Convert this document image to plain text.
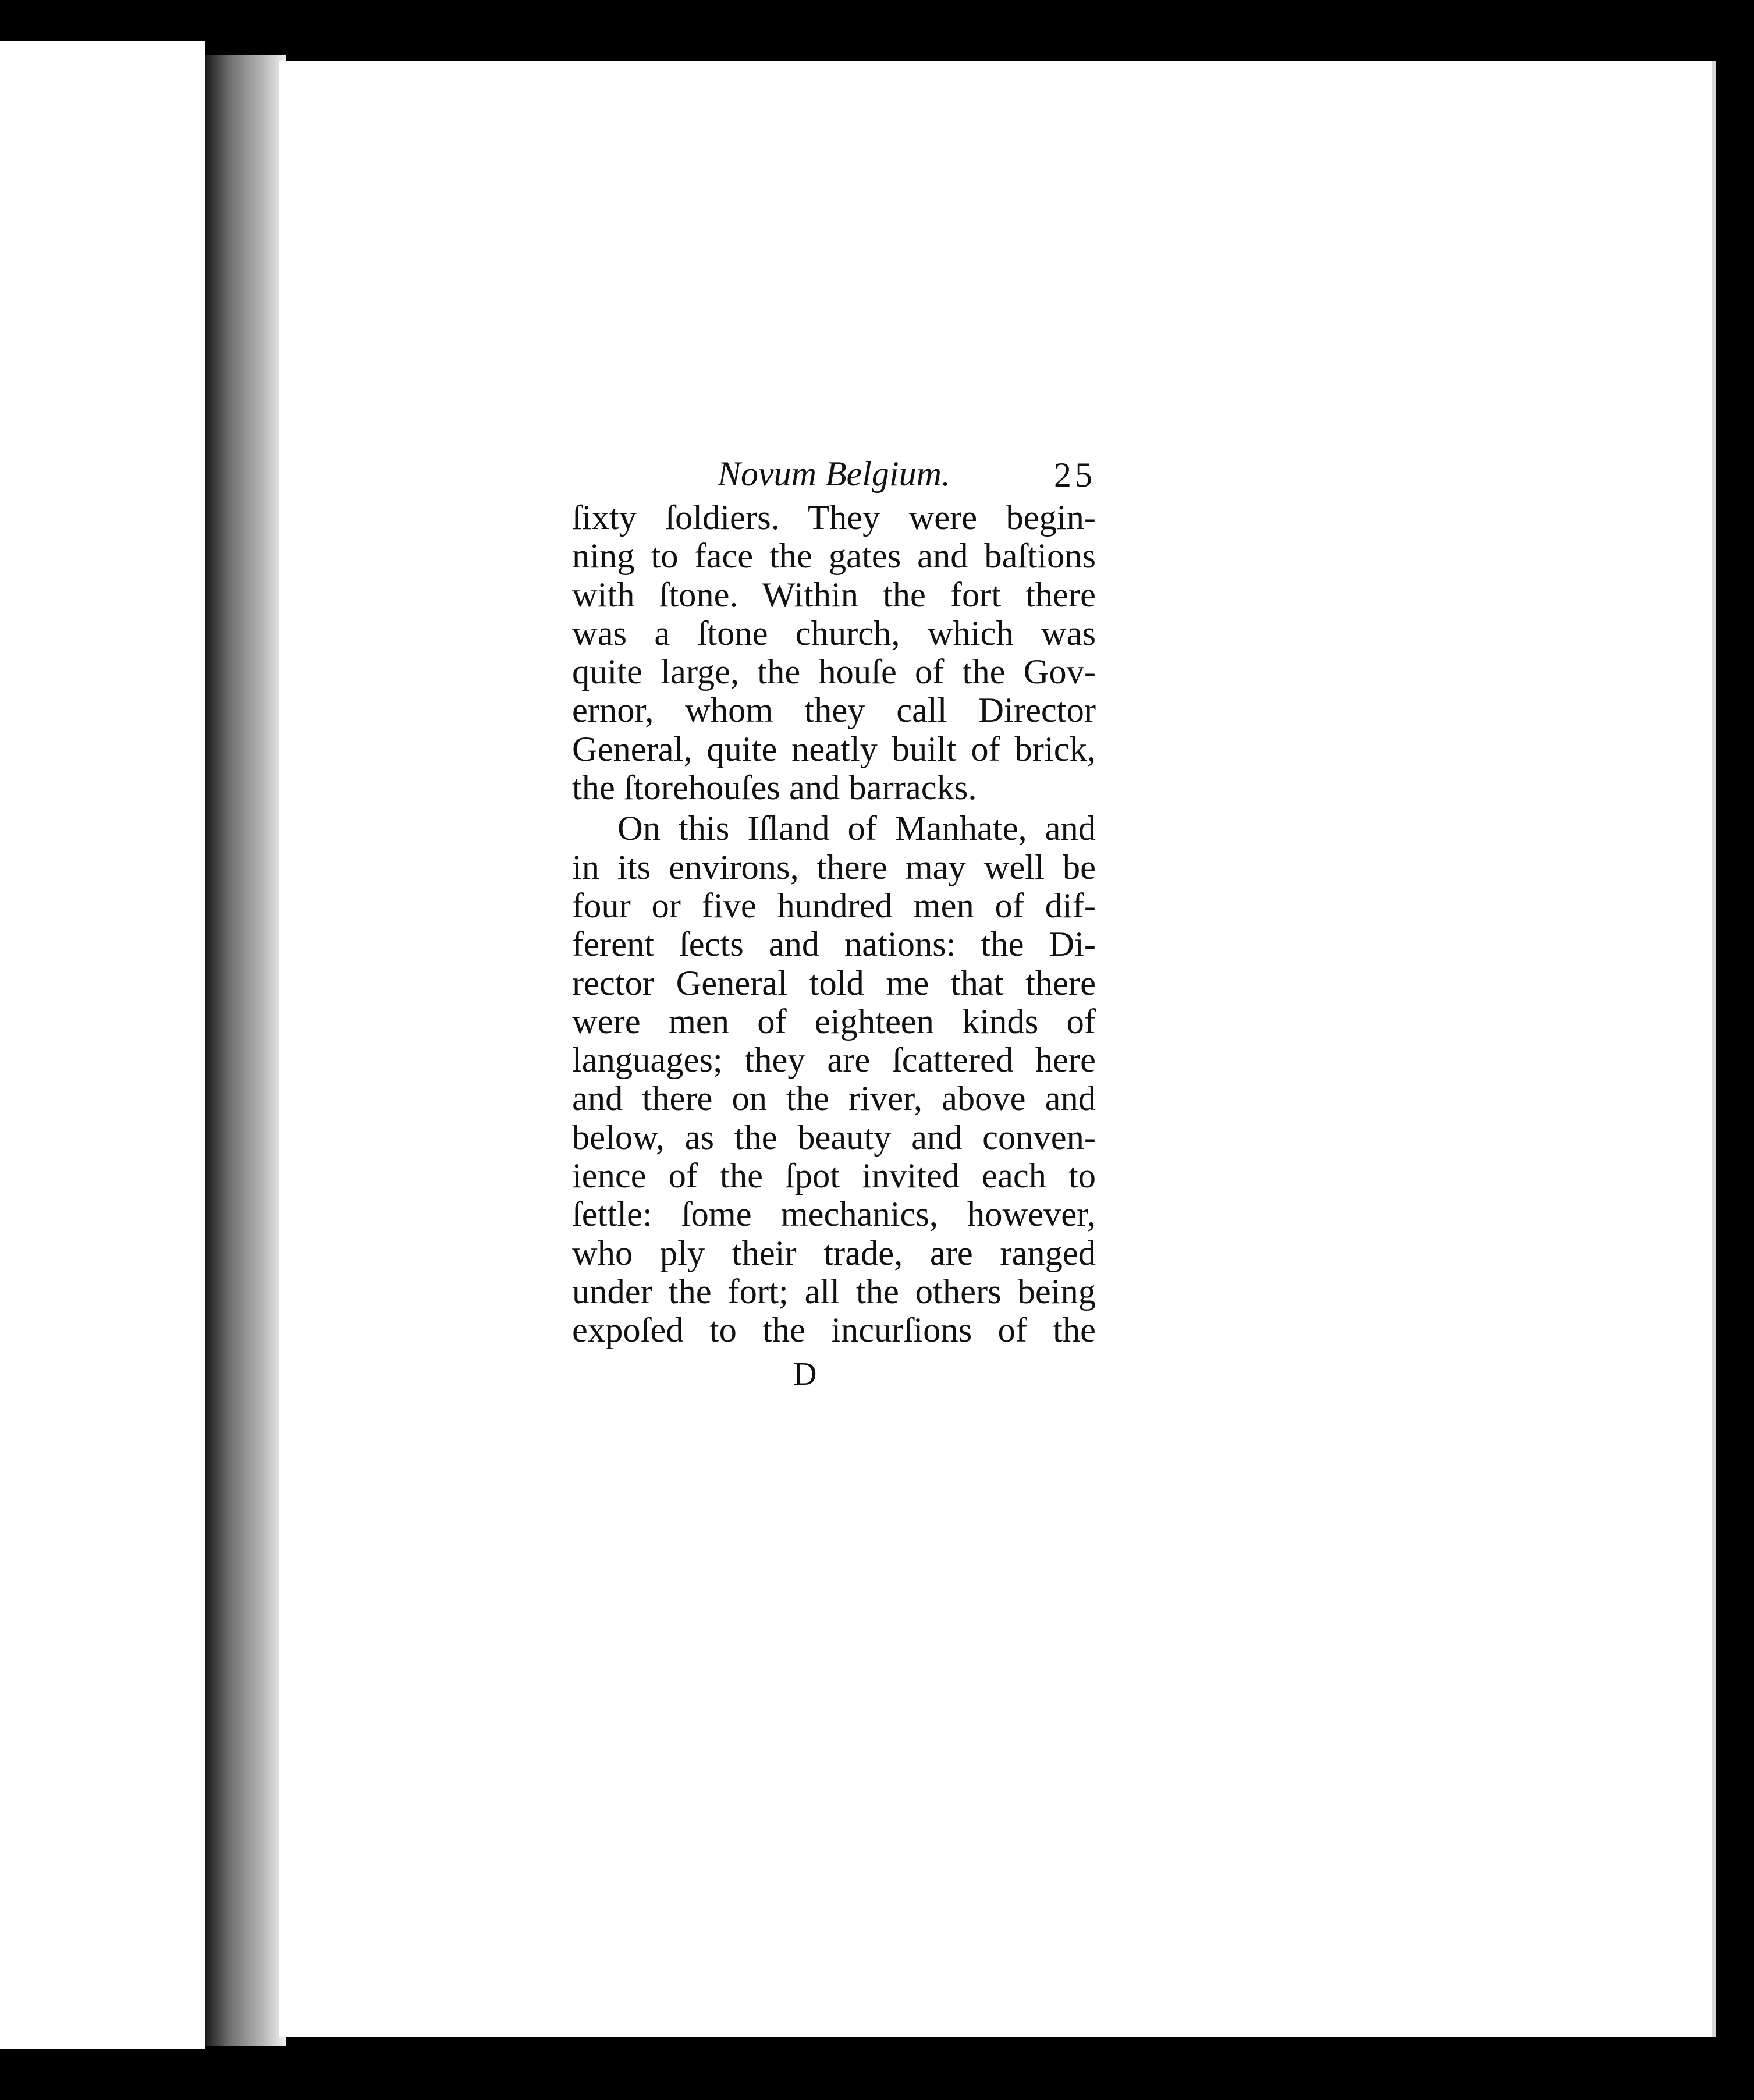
Novum Belgium.	25
ſixty ſoldiers. They were begin-
ning to face the gates and baſtions
with ſtone. Within the fort there
was a ſtone church, which was
quite large, the houſe of the Gov-
ernor, whom they call Director
General, quite neatly built of brick,
the ſtorehouſes and barracks.
On this Iſland of Manhate, and
in its environs, there may well be
four or five hundred men of dif-
ferent ſects and nations: the Di-
rector General told me that there
were men of eighteen kinds of
languages; they are ſcattered here
and there on the river, above and
below, as the beauty and conven-
ience of the ſpot invited each to
ſettle: ſome mechanics, however,
who ply their trade, are ranged
under the fort; all the others being
expoſed to the incurſions of the
D
